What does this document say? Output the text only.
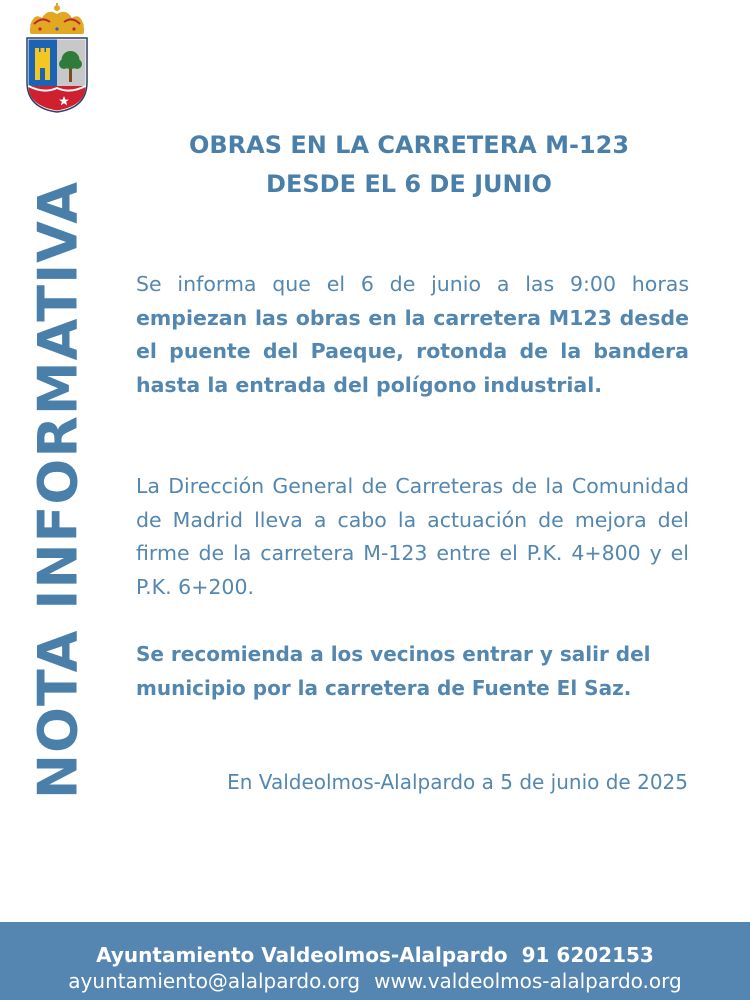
NOTA INFORMATIVA
OBRAS EN LA CARRETERA M-123
DESDE EL 6 DE JUNIO

Se informa que el 6 de junio a las 9:00 horas empiezan las obras en la carretera M123 desde el puente del Paeque, rotonda de la bandera hasta la entrada del polígono industrial.

La Dirección General de Carreteras de la Comunidad de Madrid lleva a cabo la actuación de mejora del firme de la carretera M-123 entre el P.K. 4+800 y el P.K. 6+200.

Se recomienda a los vecinos entrar y salir del municipio por la carretera de Fuente El Saz.

En Valdeolmos-Alalpardo a 5 de junio de 2025

Ayuntamiento Valdeolmos-Alalpardo 91 6202153
ayuntamiento@alalpardo.org www.valdeolmos-alalpardo.org
